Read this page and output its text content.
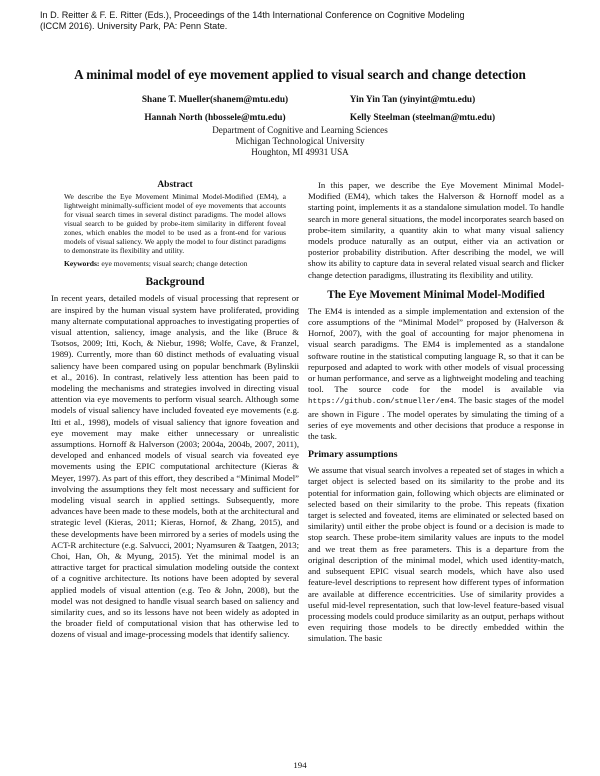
In D. Reitter & F. E. Ritter (Eds.), Proceedings of the 14th International Conference on Cognitive Modeling
(ICCM 2016). University Park, PA: Penn State.
A minimal model of eye movement applied to visual search and change detection
Shane T. Mueller(shanem@mtu.edu)	Yin Yin Tan (yinyint@mtu.edu)
Hannah North (hbossele@mtu.edu)	Kelly Steelman (steelman@mtu.edu)
Department of Cognitive and Learning Sciences
Michigan Technological University
Houghton, MI 49931 USA
Abstract
We describe the Eye Movement Minimal Model-Modified (EM4), a lightweight minimally-sufficient model of eye movements that accounts for visual search times in several distinct paradigms. The model allows visual search to be guided by probe-item similarity in different foveal zones, which enables the model to be used as a front-end for various models of visual saliency. We apply the model to four distinct paradigms to demonstrate its flexibility and utility.
Keywords: eye movements; visual search; change detection
Background
In recent years, detailed models of visual processing that represent or are inspired by the human visual system have proliferated, providing many alternate computational approaches to investigating properties of visual attention, saliency, image analysis, and the like (Bruce & Tsotsos, 2009; Itti, Koch, & Niebur, 1998; Wolfe, Cave, & Franzel, 1989). Currently, more than 60 distinct methods of evaluating visual saliency have been compared using on popular benchmark (Bylinskii et al., 2016). In contrast, relatively less attention has been paid to modeling the mechanisms and strategies involved in directing visual attention via eye movements to perform visual search. Although some models of visual saliency have included foveated eye movements (e.g. Itti et al., 1998), models of visual saliency that ignore foveation and eye movement may make either unnecessary or unrealistic assumptions. Hornoff & Halverson (2003; 2004a, 2004b, 2007, 2011), developed and enhanced models of visual search via foveated eye movements using the EPIC computational architecture (Kieras & Meyer, 1997). As part of this effort, they described a “Minimal Model” involving the assumptions they felt most necessary and sufficient for modeling visual search in applied settings. Subsequently, more advances have been made to these models, both at the architectural and strategic level (Kieras, 2011; Kieras, Hornof, & Zhang, 2015), and these developments have been mirrored by a series of models using the ACT-R architecture (e.g. Salvucci, 2001; Nyamsuren & Taatgen, 2013; Choi, Han, Oh, & Myung, 2015). Yet the minimal model is an attractive target for practical simulation modeling outside the context of a cognitive architecture. Its notions have been adopted by several applied models of visual attention (e.g. Teo & John, 2008), but the model was not designed to handle visual search based on saliency and similarity cues, and so its lessons have not been widely as adopted in the broader field of computational vision that has otherwise led to dozens of visual and image-processing models that identify saliency.
In this paper, we describe the Eye Movement Minimal Model-Modified (EM4), which takes the Halverson & Hornoff model as a starting point, implements it as a standalone simulation model. To handle search in more general situations, the model incorporates search based on probe-item similarity, a quantity akin to what many visual saliency models produce naturally as an output, either via an activation or posterior probability distribution. After describing the model, we will show its ability to capture data in several related visual search and flicker change detection paradigms, illustrating its flexibility and utility.
The Eye Movement Minimal Model-Modified
The EM4 is intended as a simple implementation and extension of the core assumptions of the “Minimal Model” proposed by (Halverson & Hornof, 2007), with the goal of accounting for major phenomena in visual search paradigms. The EM4 is implemented as a standalone software routine in the statistical computing language R, so that it can be repurposed and adapted to work with other models of visual processing or human performance, and serve as a lightweight modeling and teaching tool. The source code for the model is available via https://github.com/stmueller/em4. The basic stages of the model are shown in Figure . The model operates by simulating the timing of a series of eye movements and other decisions that produce a response in the task.
Primary assumptions
We assume that visual search involves a repeated set of stages in which a target object is selected based on its similarity to the probe and its potential for information gain, following which objects are eliminated or selected based on their similarity to the probe. This repeats (fixation target is selected and foveated, items are eliminated or selected based on similarity) until either the probe object is found or a decision is made to stop search. These probe-item similarity values are inputs to the model and we treat them as free parameters. This is a departure from the original description of the minimal model, which used identity-match, and subsequent EPIC visual search models, which have also used feature-level descriptions to represent how different types of information are available at difference eccentricities. Use of similarity provides a useful mid-level representation, such that low-level feature-based visual processing models could produce similarity as an output, perhaps without even requiring those models to be directly embedded within the simulation. The basic
194
